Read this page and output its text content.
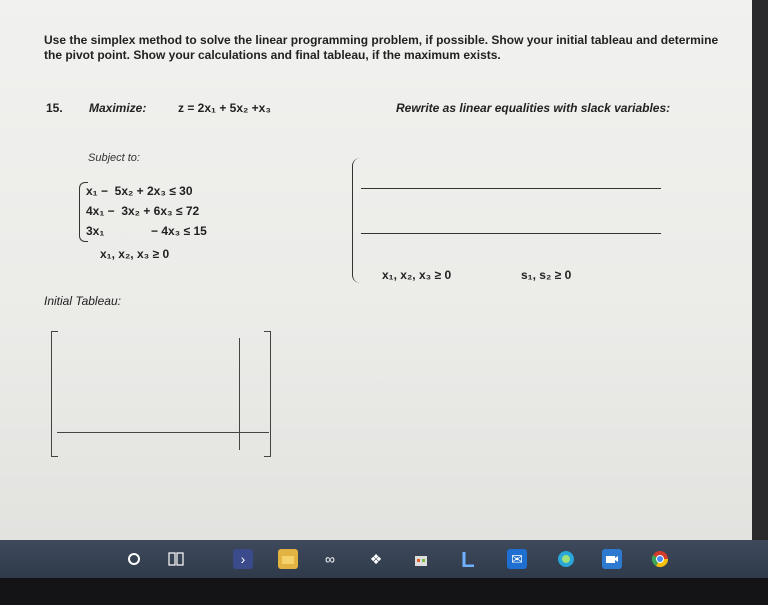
Use the simplex method to solve the linear programming problem, if possible. Show your initial tableau and determine the pivot point. Show your calculations and final tableau, if the maximum exists.
15. Maximize:	z = 2x₁ + 5x₂ +x₃	Rewrite as linear equalities with slack variables:
Subject to:
x₁ −  5x₂ + 2x₃ ≤ 30
4x₁ −  3x₂ + 6x₃ ≤ 72
3x₁              − 4x₃ ≤ 15
x₁, x₂, x₃ ≥ 0
x₁, x₂, x₃ ≥ 0	s₁, s₂ ≥ 0
Initial Tableau:
›	∞	❖	✉
